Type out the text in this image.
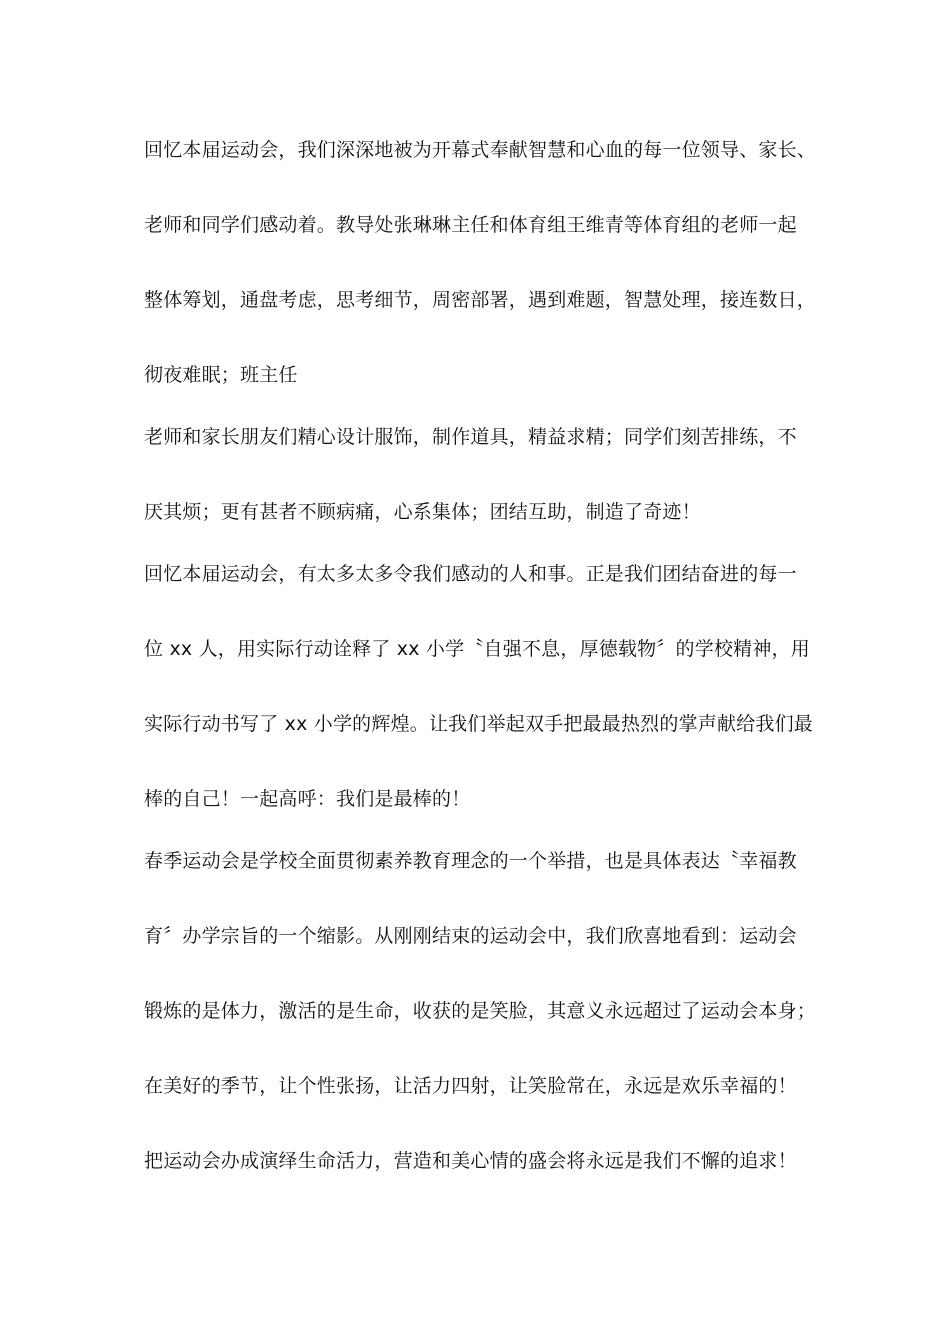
回忆本届运动会，我们深深地被为开幕式奉献智慧和心血的每一位领导、家长、
老师和同学们感动着。教导处张琳琳主任和体育组王维青等体育组的老师一起
整体筹划，通盘考虑，思考细节，周密部署，遇到难题，智慧处理，接连数日，
彻夜难眠；班主任
老师和家长朋友们精心设计服饰，制作道具，精益求精；同学们刻苦排练，不
厌其烦；更有甚者不顾病痛，心系集体；团结互助，制造了奇迹！
回忆本届运动会，有太多太多令我们感动的人和事。正是我们团结奋进的每一
位 xx 人，用实际行动诠释了 xx 小学〝自强不息，厚德载物〞的学校精神，用
实际行动书写了 xx 小学的辉煌。让我们举起双手把最最热烈的掌声献给我们最
棒的自己！一起高呼：我们是最棒的！
春季运动会是学校全面贯彻素养教育理念的一个举措，也是具体表达〝幸福教
育〞办学宗旨的一个缩影。从刚刚结束的运动会中，我们欣喜地看到：运动会
锻炼的是体力，激活的是生命，收获的是笑脸，其意义永远超过了运动会本身；
在美好的季节，让个性张扬，让活力四射，让笑脸常在，永远是欢乐幸福的！
把运动会办成演绎生命活力，营造和美心情的盛会将永远是我们不懈的追求！
